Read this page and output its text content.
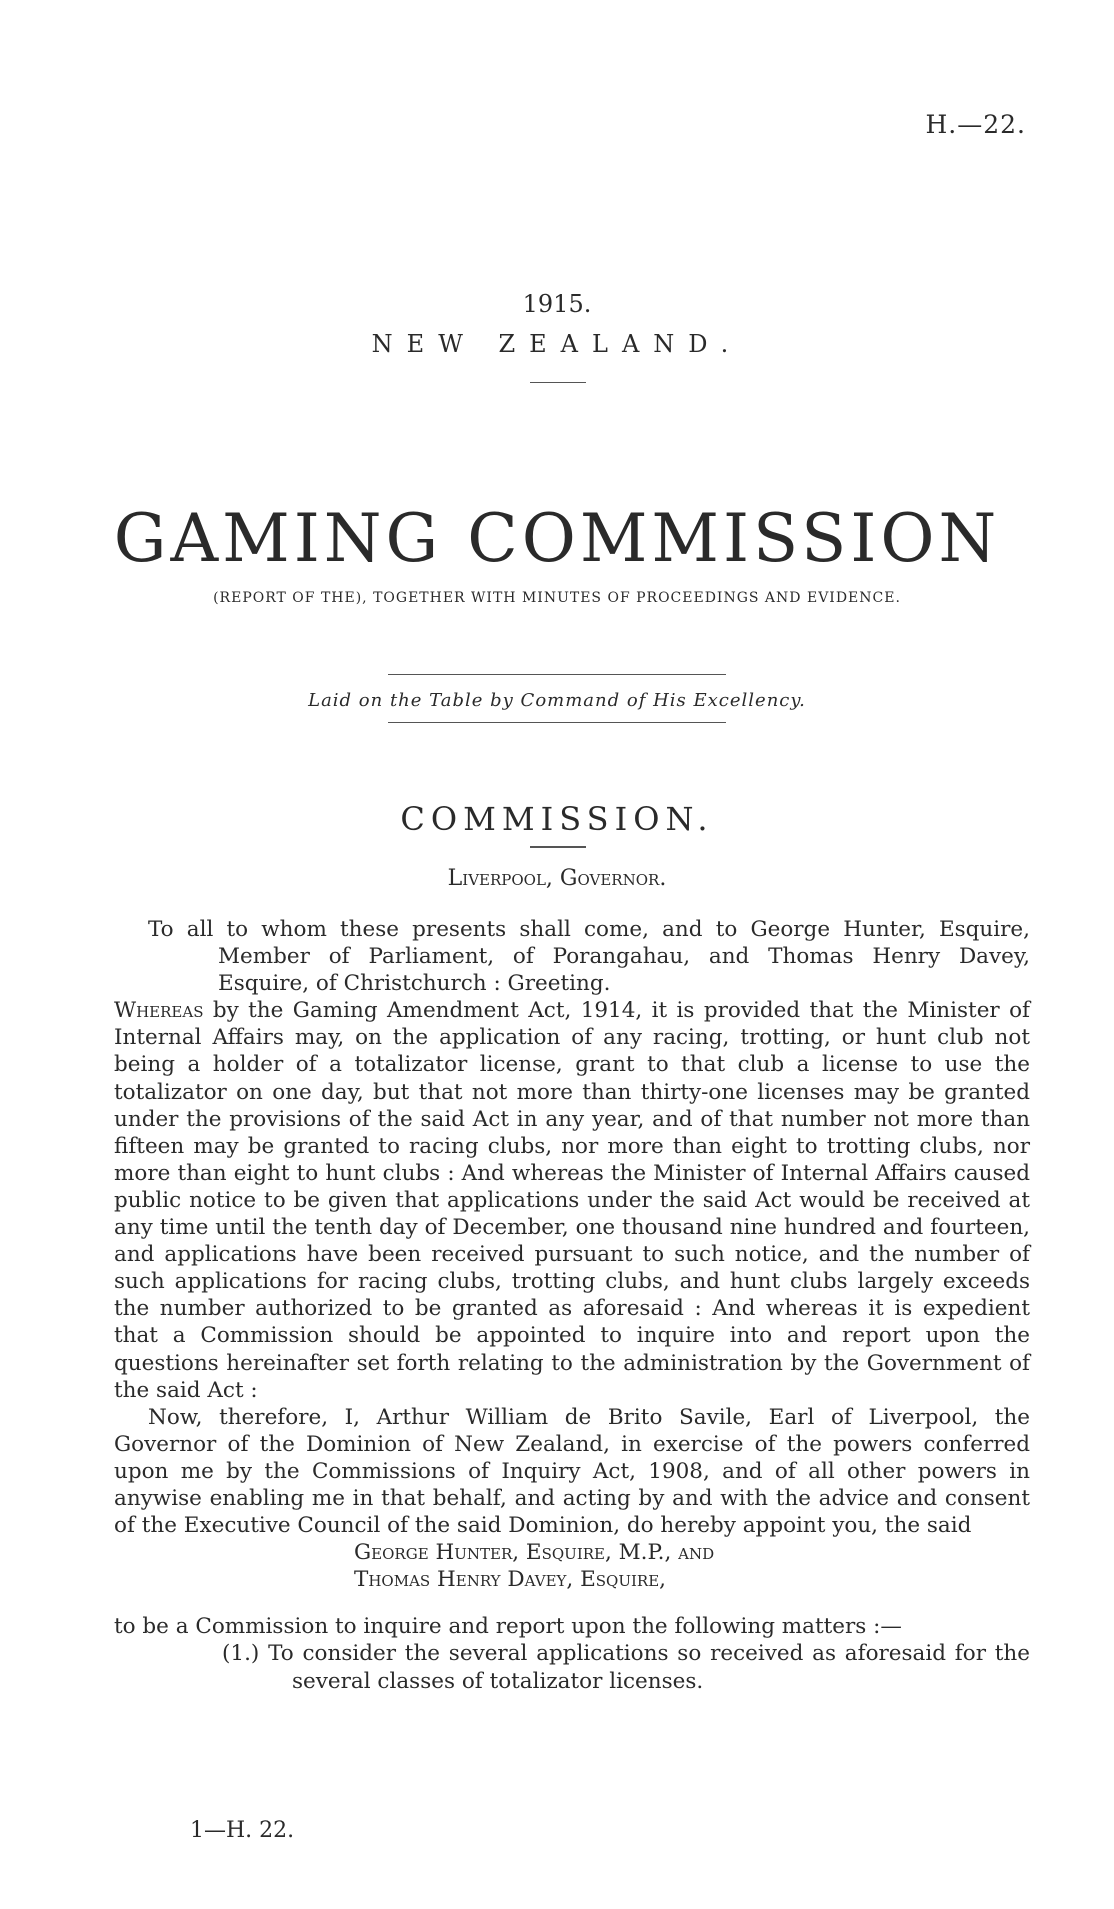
H.—22.
1915.
NEW ZEALAND.
GAMING COMMISSION
(REPORT OF THE), TOGETHER WITH MINUTES OF PROCEEDINGS AND EVIDENCE.
Laid on the Table by Command of His Excellency.
COMMISSION.
Liverpool, Governor.

To all to whom these presents shall come, and to George Hunter, Esquire, Member of Parliament, of Porangahau, and Thomas Henry Davey, Esquire, of Christchurch : Greeting.

Whereas by the Gaming Amendment Act, 1914, it is provided that the Minister of Internal Affairs may, on the application of any racing, trotting, or hunt club not being a holder of a totalizator license, grant to that club a license to use the totalizator on one day, but that not more than thirty-one licenses may be granted under the provisions of the said Act in any year, and of that number not more than fifteen may be granted to racing clubs, nor more than eight to trotting clubs, nor more than eight to hunt clubs : And whereas the Minister of Internal Affairs caused public notice to be given that applications under the said Act would be received at any time until the tenth day of December, one thousand nine hundred and fourteen, and applications have been received pursuant to such notice, and the number of such applications for racing clubs, trotting clubs, and hunt clubs largely exceeds the number authorized to be granted as aforesaid : And whereas it is expedient that a Commission should be appointed to inquire into and report upon the questions hereinafter set forth relating to the administration by the Government of the said Act :

Now, therefore, I, Arthur William de Brito Savile, Earl of Liverpool, the Governor of the Dominion of New Zealand, in exercise of the powers conferred upon me by the Commissions of Inquiry Act, 1908, and of all other powers in anywise enabling me in that behalf, and acting by and with the advice and consent of the Executive Council of the said Dominion, do hereby appoint you, the said

George Hunter, Esquire, M.P., and

Thomas Henry Davey, Esquire,

to be a Commission to inquire and report upon the following matters :—

(1.) To consider the several applications so received as aforesaid for the several classes of totalizator licenses.

1—H. 22.
